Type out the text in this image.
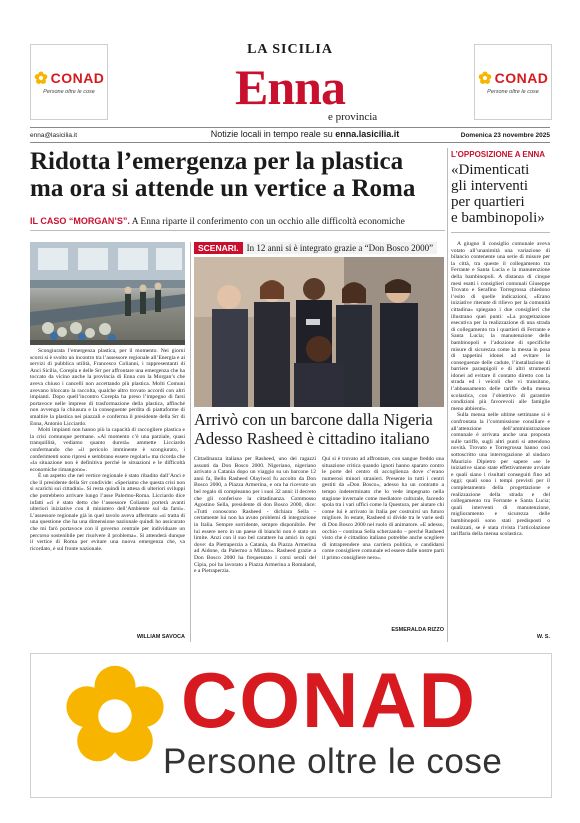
CONAD
Persone oltre le cose
CONAD
Persone oltre le cose
LA SICILIA
Enna
e provincia
enna@lasicilia.it	Notizie locali in tempo reale su enna.lasicilia.it	Domenica 23 novembre 2025
Ridotta l’emergenza per la plastica
ma ora si attende un vertice a Roma
IL CASO “MORGAN’S”. A Enna riparte il conferimento con un occhio alle difficoltà economiche

Scongiurata l’emergenza plastica, per il momento. Nei giorni scorsi si è svolto un incontro tra l’assessore regionale all’Energia e ai servizi di pubblica utilità, Francesco Colianni, i rappresentanti di Anci Sicilia, Coreplа e delle Srr per affrontare una emergenza che ha toccato da vicino anche la provincia di Enna con la Morgan’s che aveva chiuso i cancelli non accettando più plastica. Molti Comuni avevano bloccato la raccolta, qualche altro trovato accordi con altri impianti. Dopo quell’incontro Coreplа ha preso l’impegno di farsi portavoce nelle imprese di trasformazione della plastica, affinché non avvenga la chiusura e la conseguente perdita di piattaforme di smaltire la plastica nei piazzali e conferma il presidente della Srr di Enna, Antonio Licciardo.

Molti impianti non hanno più la capacità di raccogliere plastica e la crisi comunque permane. «Al momento c’è una parziale, quasi tranquillità, vediamo quanto durerà» ammette Licciardo confermando che «il pericolo imminente è scongiurato, i conferimenti sono ripresi e sembrano essere regolari» ma ricorda che «la situazione non è definitiva perché le situazioni e le difficoltà economiche rimangono».

È un aspetto che nel vertice regionale è stato ribadito dall’Anci e che il presidente della Srr condivide: «Speriamo che questa crisi non si scarichi sui cittadini». Si resta quindi in attesa di ulteriori sviluppi che potrebbero arrivare lungo l’asse Palermo-Roma. Licciardo dice infatti «ci è stato detto che l’assessore Colianni porterà avanti ulteriori iniziative con il ministero dell’Ambiente sul da farsi». L’assessore regionale già in quel tavolo aveva affermato «si tratta di una questione che ha una dimensione nazionale quindi ho assicurato che mi farò portavoce con il governo centrale per individuare un percorso sostenibile per risolvere il problema». Si attenderà dunque il vertice di Roma per evitare una nuova emergenza che, va ricordato, è sul fronte nazionale.

WILLIAM SAVOCA
SCENARI. In 12 anni si è integrato grazie a “Don Bosco 2000”
Arrivò con un barcone dalla Nigeria
Adesso Rasheed è cittadino italiano
Cittadinanza italiana per Rasheed, uno dei ragazzi assunti da Don Bosco 2000. Nigeriano, nigeriano arrivato a Catania dopo un viaggio su un barcone 12 anni fa, Bello Rasheed Olayiwol fu accolto da Don Bosco 2000, a Piazza Armerina, e ora ha ricevuto un bel regalo di compleanno per i suoi 32 anni: il decreto che gli conferisce la cittadinanza. Commosso Agostino Sella, presidente di don Bosco 2000, dice: «Tutti conoscono Rasheed - dichiara Sella - certamente lui non ha avuto problemi di integrazione in Italia. Sempre sorridente, sempre disponibile. Per lui essere nero in un paese di bianchi non è stato un limite. Anzi con il suo bel carattere ha amici in ogni dove: da Pietraperzia a Catania, da Piazza Armerina ad Aidone, da Palermo a Milano». Rasheed grazie a Don Bosco 2000 ha frequentato i corsi serali del Cipia, poi ha lavorato a Piazza Armerina a Romaland, e a Pietraperzia.
Qui si è trovato ad affrontare, con sangue freddo una situazione critica quando ignoti hanno sparato contro le porte del centro di accoglienza dove c’erano numerosi minori stranieri. Presente in tutti i centri gestiti da «Don Bosco», adesso ha un contratto a tempo indeterminato che lo vede impegnato nella stagione invernale come mediatore culturale, facendo spola tra i vari uffici come la Questura, per aiutare chi come lui è arrivato in Italia per costruirsi un futuro migliore. In estate, Rasheed si divide tra le varie sedi di Don Bosco 2000 nel ruolo di animatore. «E adesso, occhio – continua Sella scherzando – perché Rasheed visto che è cittadino italiano potrebbe anche scegliere di intraprendere una carriera politica, e candidarsi come consigliere comunale ed essere dalle nostre parti il primo consigliere nero».
ESMERALDA RIZZO
L’OPPOSIZIONE A ENNA
«Dimenticati
gli interventi
per quartieri
e bambinopoli»

A giugno il consiglio comunale aveva votato all’unanimità una variazione di bilancio contenente una serie di misure per la città, tra queste il collegamento tra Ferrante e Santa Lucia e la manutenzione della bambinopoli. A distanza di cinque mesi esatti i consiglieri comunali Giuseppe Trovato e Serafino Torregrossa chiedono l’esito di quelle indicazioni, «Erano iniziative ritenute di rilievo per la comunità cittadina» spiegano i due consiglieri che illustrano quei punti: «La progettazione esecutiva per la realizzazione di una strada di collegamento tra i quartieri di Ferrante e Santa Lucia; la manutenzione delle bambinopoli e l’adozione di specifiche misure di sicurezza come la messa in posa di tappetini idonei ad evitare le conseguenze delle cadute, l’installazione di barriere paraspigoli e di altri strumenti idonei ad evitare il contatto diretto con la strada ed i veicoli che vi transitano, l’abbassamento delle tariffe della mensa scolastica, con l’obiettivo di garantire condizioni più favorevoli alle famiglie meno abbienti».

Sulla mensa nelle ultime settimane si è confrontata la l’commissione consiliare e all’attenzione dell’amministrazione comunale è arrivata anche una proposta sulle tariffe, sugli altri punti si attendono novità. Trovato e Torregrossa hanno così sottoscritto una interrogazione al sindaco Maurizio Dipietro per sapere «se le iniziative siano state effettivamente avviate e quali siano i risultati conseguiti fino ad oggi; quali sono i tempi previsti per il completamento della progettazione e realizzazione della strada e del collegamento tra Ferrante e Santa Lucia; quali interventi di manutenzione, miglioramento e sicurezza delle bambinopoli sono stati predisposti o realizzati, se è stata rivista l’articolazione tariffaria della mensa scolastica.

W. S.
CONAD
Persone oltre le cose
